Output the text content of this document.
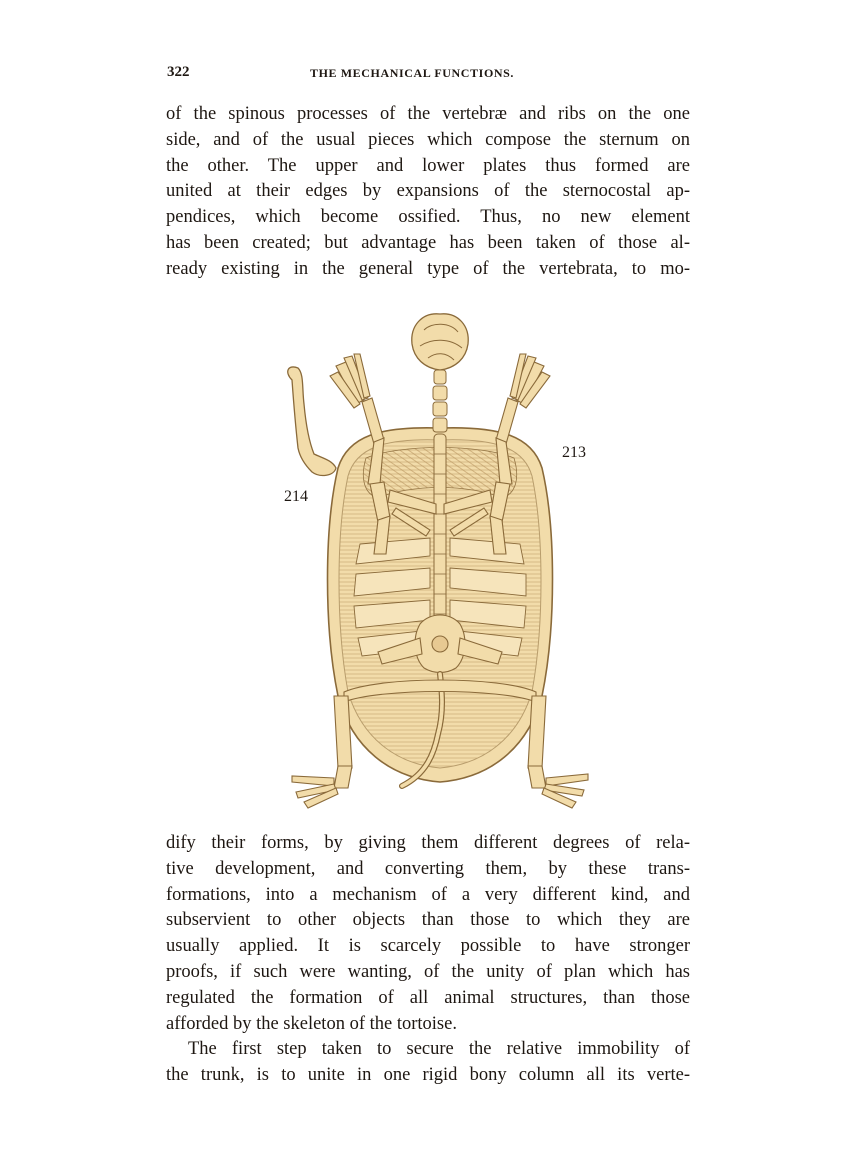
322	THE MECHANICAL FUNCTIONS.
of the spinous processes of the vertebræ and ribs on the one
side, and of the usual pieces which compose the sternum on
the other. The upper and lower plates thus formed are
united at their edges by expansions of the sternocostal ap-
pendices, which become ossified. Thus, no new element
has been created; but advantage has been taken of those al-
ready existing in the general type of the vertebrata, to mo-
213
214
dify their forms, by giving them different degrees of rela-
tive development, and converting them, by these trans-
formations, into a mechanism of a very different kind, and
subservient to other objects than those to which they are
usually applied. It is scarcely possible to have stronger
proofs, if such were wanting, of the unity of plan which has
regulated the formation of all animal structures, than those
afforded by the skeleton of the tortoise.
The first step taken to secure the relative immobility of
the trunk, is to unite in one rigid bony column all its verte-
